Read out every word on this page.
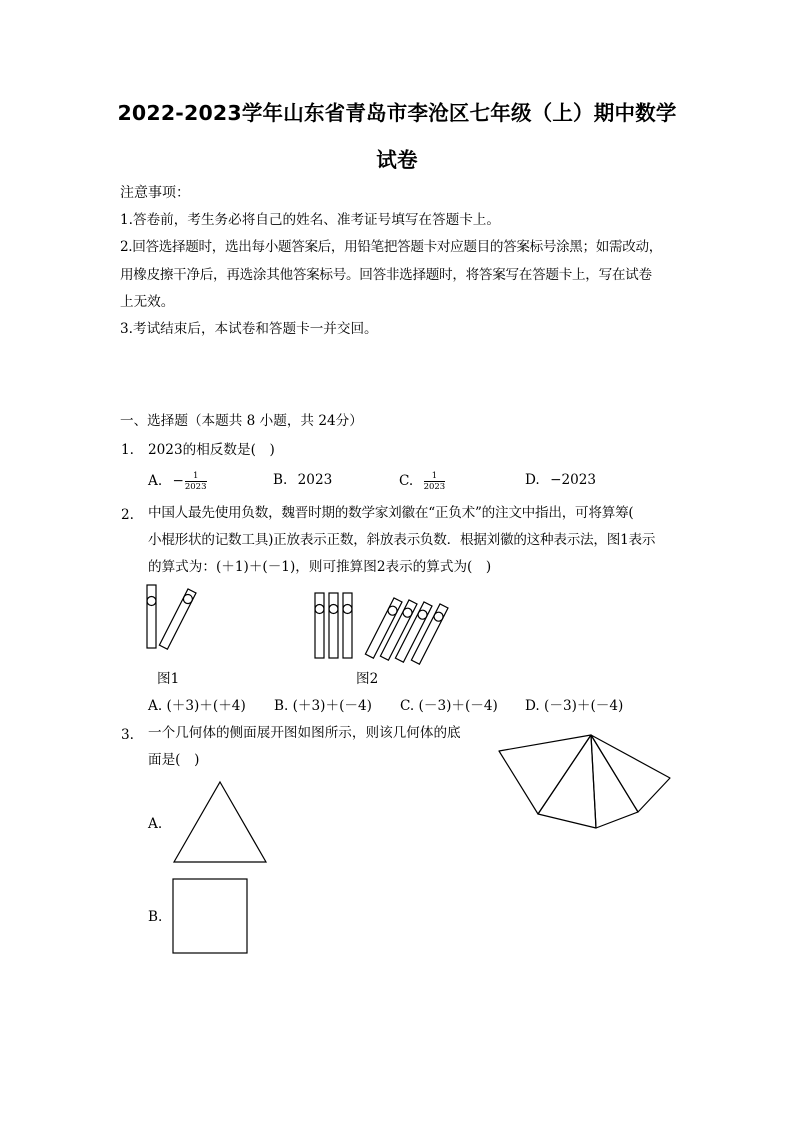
2022-2023学年山东省青岛市李沧区七年级（上）期中数学
试卷
注意事项：
1.答卷前，考生务必将自己的姓名、准考证号填写在答题卡上。
2.回答选择题时，选出每小题答案后，用铅笔把答题卡对应题目的答案标号涂黑；如需改动，
用橡皮擦干净后，再选涂其他答案标号。回答非选择题时，将答案写在答题卡上，写在试卷
上无效。
3.考试结束后，本试卷和答题卡一并交回。
一、选择题（本题共 8 小题，共 24分）
1. 2023的相反数是(　)
A. − $\frac{1}{2023}$	B. 2023	C. $\frac{1}{2023}$	D. −2023
2. 中国人最先使用负数，魏晋时期的数学家刘徽在“正负术”的注文中指出，可将算筹(
小棍形状的记数工具)正放表示正数，斜放表示负数．根据刘徽的这种表示法，图1表示
的算式为：(＋1)＋(－1)，则可推算图2表示的算式为(　)
图1	图2
A. (＋3)＋(＋4) B. (＋3)＋(－4) C. (－3)＋(－4) D. (－3)＋(－4)
3. 一个几何体的侧面展开图如图所示，则该几何体的底
面是(　)
A.
B.
